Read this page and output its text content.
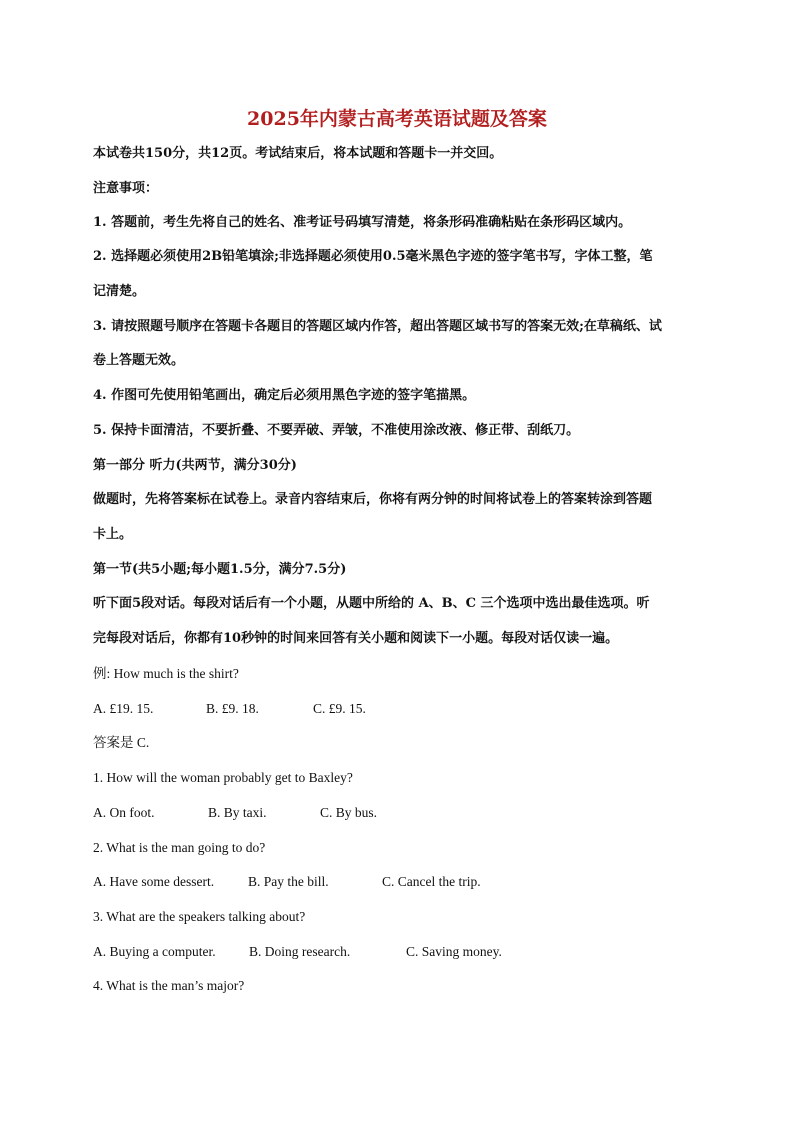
2025年内蒙古高考英语试题及答案
本试卷共150分，共12页。考试结束后，将本试题和答题卡一并交回。
注意事项：
1. 答题前，考生先将自己的姓名、准考证号码填写清楚，将条形码准确粘贴在条形码区域内。
2. 选择题必须使用2B铅笔填涂;非选择题必须使用0.5毫米黑色字迹的签字笔书写，字体工整，笔
记清楚。
3. 请按照题号顺序在答题卡各题目的答题区域内作答，超出答题区域书写的答案无效;在草稿纸、试
卷上答题无效。
4. 作图可先使用铅笔画出，确定后必须用黑色字迹的签字笔描黑。
5. 保持卡面清洁，不要折叠、不要弄破、弄皱，不准使用涂改液、修正带、刮纸刀。
第一部分 听力(共两节，满分30分)
做题时，先将答案标在试卷上。录音内容结束后，你将有两分钟的时间将试卷上的答案转涂到答题
卡上。
第一节(共5小题;每小题1.5分，满分7.5分)
听下面5段对话。每段对话后有一个小题，从题中所给的 A、B、C 三个选项中选出最佳选项。听
完每段对话后，你都有10秒钟的时间来回答有关小题和阅读下一小题。每段对话仅读一遍。
例: How much is the shirt?
A. £19. 15.	B. £9. 18.	C. £9. 15.
答案是 C.
1. How will the woman probably get to Baxley?
A. On foot.	B. By taxi.	C. By bus.
2. What is the man going to do?
A. Have some dessert.	B. Pay the bill.	C. Cancel the trip.
3. What are the speakers talking about?
A. Buying a computer. B. Doing research.	C. Saving money.
4. What is the man’s major?
